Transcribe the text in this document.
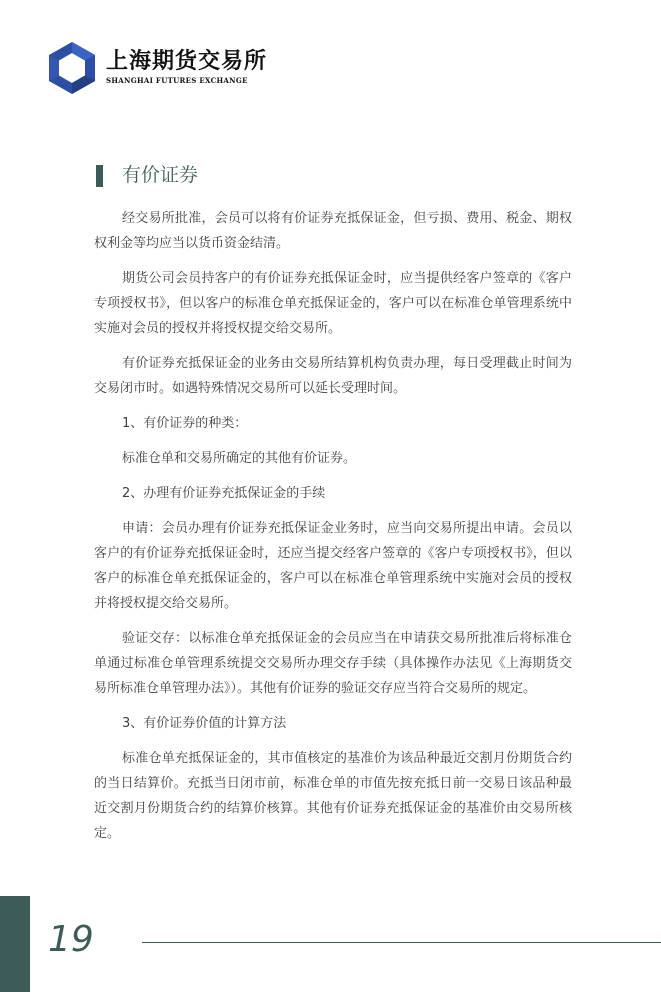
上海期货交易所
SHANGHAI FUTURES EXCHANGE
有价证券

经交易所批准，会员可以将有价证券充抵保证金，但亏损、费用、税金、期权权利金等均应当以货币资金结清。

期货公司会员持客户的有价证券充抵保证金时，应当提供经客户签章的《客户专项授权书》，但以客户的标准仓单充抵保证金的，客户可以在标准仓单管理系统中实施对会员的授权并将授权提交给交易所。

有价证券充抵保证金的业务由交易所结算机构负责办理，每日受理截止时间为交易闭市时。如遇特殊情况交易所可以延长受理时间。

1、有价证券的种类：

标准仓单和交易所确定的其他有价证券。

2、办理有价证券充抵保证金的手续

申请：会员办理有价证券充抵保证金业务时，应当向交易所提出申请。会员以客户的有价证券充抵保证金时，还应当提交经客户签章的《客户专项授权书》，但以客户的标准仓单充抵保证金的，客户可以在标准仓单管理系统中实施对会员的授权并将授权提交给交易所。

验证交存：以标准仓单充抵保证金的会员应当在申请获交易所批准后将标准仓单通过标准仓单管理系统提交交易所办理交存手续（具体操作办法见《上海期货交易所标准仓单管理办法》）。其他有价证券的验证交存应当符合交易所的规定。

3、有价证券价值的计算方法

标准仓单充抵保证金的，其市值核定的基准价为该品种最近交割月份期货合约的当日结算价。充抵当日闭市前，标准仓单的市值先按充抵日前一交易日该品种最近交割月份期货合约的结算价核算。其他有价证券充抵保证金的基准价由交易所核定。

19
